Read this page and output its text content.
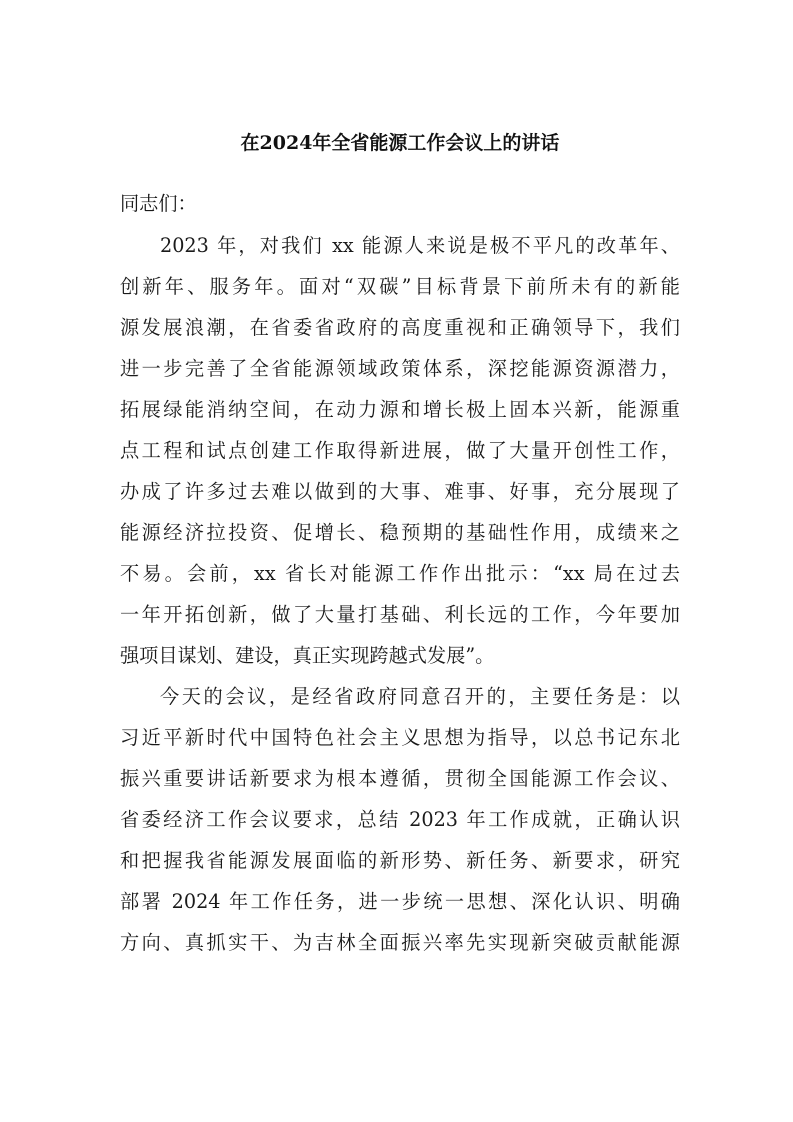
在2024年全省能源工作会议上的讲话

同志们：

2023 年，对我们 xx 能源人来说是极不平凡的改革年、

创新年、服务年。面对“双碳”目标背景下前所未有的新能

源发展浪潮，在省委省政府的高度重视和正确领导下，我们

进一步完善了全省能源领域政策体系，深挖能源资源潜力，

拓展绿能消纳空间，在动力源和增长极上固本兴新，能源重

点工程和试点创建工作取得新进展，做了大量开创性工作，

办成了许多过去难以做到的大事、难事、好事，充分展现了

能源经济拉投资、促增长、稳预期的基础性作用，成绩来之

不易。会前，xx 省长对能源工作作出批示：“xx 局在过去

一年开拓创新，做了大量打基础、利长远的工作，今年要加

强项目谋划、建设，真正实现跨越式发展”。

今天的会议，是经省政府同意召开的，主要任务是：以

习近平新时代中国特色社会主义思想为指导，以总书记东北

振兴重要讲话新要求为根本遵循，贯彻全国能源工作会议、

省委经济工作会议要求，总结 2023 年工作成就，正确认识

和把握我省能源发展面临的新形势、新任务、新要求，研究

部署 2024 年工作任务，进一步统一思想、深化认识、明确

方向、真抓实干、为吉林全面振兴率先实现新突破贡献能源
